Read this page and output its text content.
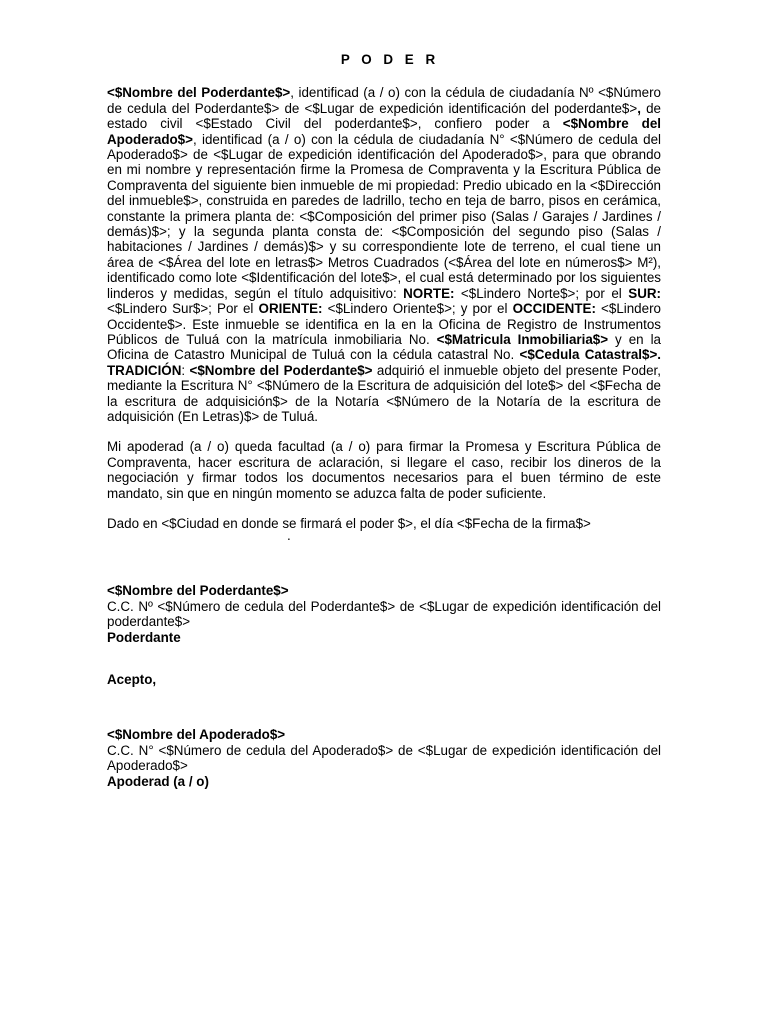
P O D E R

<$Nombre del Poderdante$>, identificad (a / o) con la cédula de ciudadanía Nº <$Número de cedula del Poderdante$> de <$Lugar de expedición identificación del poderdante$>, de estado civil <$Estado Civil del poderdante$>, confiero poder a <$Nombre del Apoderado$>, identificad (a / o) con la cédula de ciudadanía N° <$Número de cedula del Apoderado$> de <$Lugar de expedición identificación del Apoderado$>, para que obrando en mi nombre y representación firme la Promesa de Compraventa y la Escritura Pública de Compraventa del siguiente bien inmueble de mi propiedad: Predio ubicado en la <$Dirección del inmueble$>, construida en paredes de ladrillo, techo en teja de barro, pisos en cerámica, constante la primera planta de: <$Composición del primer piso (Salas / Garajes / Jardines / demás)$>; y la segunda planta consta de: <$Composición del segundo piso (Salas / habitaciones / Jardines / demás)$> y su correspondiente lote de terreno, el cual tiene un área de <$Área del lote en letras$> Metros Cuadrados (<$Área del lote en números$> M²), identificado como lote <$Identificación del lote$>, el cual está determinado por los siguientes linderos y medidas, según el título adquisitivo: NORTE: <$Lindero Norte$>; por el SUR: <$Lindero Sur$>; Por el ORIENTE: <$Lindero Oriente$>; y por el OCCIDENTE: <$Lindero Occidente$>. Este inmueble se identifica en la en la Oficina de Registro de Instrumentos Públicos de Tuluá con la matrícula inmobiliaria No. <$Matricula Inmobiliaria$> y en la Oficina de Catastro Municipal de Tuluá con la cédula catastral No. <$Cedula Catastral$>. TRADICIÓN: <$Nombre del Poderdante$> adquirió el inmueble objeto del presente Poder, mediante la Escritura N° <$Número de la Escritura de adquisición del lote$> del <$Fecha de la escritura de adquisición$> de la Notaría <$Número de la Notaría de la escritura de adquisición (En Letras)$> de Tuluá.

Mi apoderad (a / o) queda facultad (a / o) para firmar la Promesa y Escritura Pública de Compraventa, hacer escritura de aclaración, si llegare el caso, recibir los dineros de la negociación y firmar todos los documentos necesarios para el buen término de este mandato, sin que en ningún momento se aduzca falta de poder suficiente.

Dado en <$Ciudad en donde se firmará el poder $>, el día <$Fecha de la firma$>

.
<$Nombre del Poderdante$>
C.C. Nº <$Número de cedula del Poderdante$> de <$Lugar de expedición identificación del poderdante$>
Poderdante
Acepto,
<$Nombre del Apoderado$>
C.C. N° <$Número de cedula del Apoderado$> de <$Lugar de expedición identificación del Apoderado$>
Apoderad (a / o)
